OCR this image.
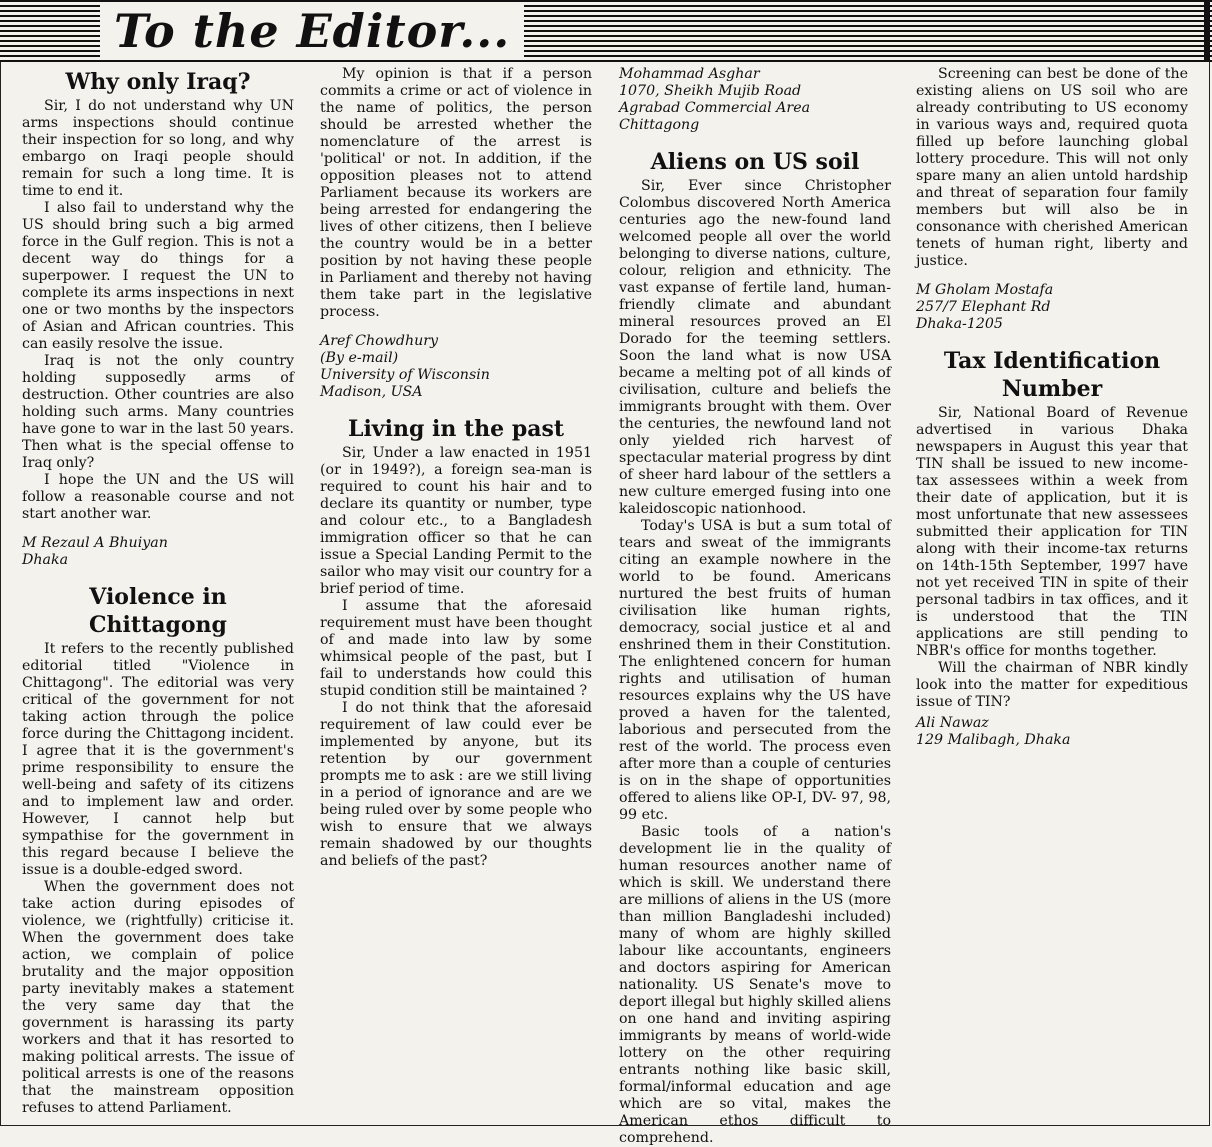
To the Editor...
Why only Iraq?

Sir, I do not understand why UN arms inspections should continue their inspection for so long, and why embargo on Iraqi people should remain for such a long time. It is time to end it.

I also fail to understand why the US should bring such a big armed force in the Gulf region. This is not a decent way do things for a superpower. I request the UN to complete its arms inspections in next one or two months by the inspectors of Asian and African countries. This can easily resolve the issue.

Iraq is not the only country holding supposedly arms of destruction. Other countries are also holding such arms. Many countries have gone to war in the last 50 years. Then what is the special offense to Iraq only?

I hope the UN and the US will follow a reasonable course and not start another war.

M Rezaul A Bhuiyan
Dhaka
Violence in Chittagong

It refers to the recently published editorial titled "Violence in Chittagong". The editorial was very critical of the government for not taking action through the police force during the Chittagong incident. I agree that it is the government's prime responsibility to ensure the well-being and safety of its citizens and to implement law and order. However, I cannot help but sympathise for the government in this regard because I believe the issue is a double-edged sword.

When the government does not take action during episodes of violence, we (rightfully) criticise it. When the government does take action, we complain of police brutality and the major opposition party inevitably makes a statement the very same day that the government is harassing its party workers and that it has resorted to making political arrests. The issue of political arrests is one of the reasons that the mainstream opposition refuses to attend Parliament.

My opinion is that if a person commits a crime or act of violence in the name of politics, the person should be arrested whether the nomenclature of the arrest is 'political' or not. In addition, if the opposition pleases not to attend Parliament because its workers are being arrested for endangering the lives of other citizens, then I believe the country would be in a better position by not having these people in Parliament and thereby not having them take part in the legislative process.

Aref Chowdhury
(By e-mail)
University of Wisconsin
Madison, USA
Living in the past

Sir, Under a law enacted in 1951 (or in 1949?), a foreign sea-man is required to count his hair and to declare its quantity or number, type and colour etc., to a Bangladesh immigration officer so that he can issue a Special Landing Permit to the sailor who may visit our country for a brief period of time.

I assume that the aforesaid requirement must have been thought of and made into law by some whimsical people of the past, but I fail to understands how could this stupid condition still be maintained ?

I do not think that the aforesaid requirement of law could ever be implemented by anyone, but its retention by our government prompts me to ask : are we still living in a period of ignorance and are we being ruled over by some people who wish to ensure that we always remain shadowed by our thoughts and beliefs of the past?

Mohammad Asghar
1070, Sheikh Mujib Road
Agrabad Commercial Area
Chittagong
Aliens on US soil

Sir, Ever since Christopher Colombus discovered North America centuries ago the new-found land welcomed people all over the world belonging to diverse nations, culture, colour, religion and ethnicity. The vast expanse of fertile land, human-friendly climate and abundant mineral resources proved an El Dorado for the teeming settlers. Soon the land what is now USA became a melting pot of all kinds of civilisation, culture and beliefs the immigrants brought with them. Over the centuries, the newfound land not only yielded rich harvest of spectacular material progress by dint of sheer hard labour of the settlers a new culture emerged fusing into one kaleidoscopic nationhood.

Today's USA is but a sum total of tears and sweat of the immigrants citing an example nowhere in the world to be found. Americans nurtured the best fruits of human civilisation like human rights, democracy, social justice et al and enshrined them in their Constitution. The enlightened concern for human rights and utilisation of human resources explains why the US have proved a haven for the talented, laborious and persecuted from the rest of the world. The process even after more than a couple of centuries is on in the shape of opportunities offered to aliens like OP-I, DV- 97, 98, 99 etc.

Basic tools of a nation's development lie in the quality of human resources another name of which is skill. We understand there are millions of aliens in the US (more than million Bangladeshi included) many of whom are highly skilled labour like accountants, engineers and doctors aspiring for American nationality. US Senate's move to deport illegal but highly skilled aliens on one hand and inviting aspiring immigrants by means of world-wide lottery on the other requiring entrants nothing like basic skill, formal/informal education and age which are so vital, makes the American ethos difficult to comprehend.

Screening can best be done of the existing aliens on US soil who are already contributing to US economy in various ways and, required quota filled up before launching global lottery procedure. This will not only spare many an alien untold hardship and threat of separation four family members but will also be in consonance with cherished American tenets of human right, liberty and justice.

M Gholam Mostafa
257/7 Elephant Rd
Dhaka-1205
Tax Identification Number

Sir, National Board of Revenue advertised in various Dhaka newspapers in August this year that TIN shall be issued to new income-tax assessees within a week from their date of application, but it is most unfortunate that new assessees submitted their application for TIN along with their income-tax returns on 14th-15th September, 1997 have not yet received TIN in spite of their personal tadbirs in tax offices, and it is understood that the TIN applications are still pending to NBR's office for months together.

Will the chairman of NBR kindly look into the matter for expeditious issue of TIN?

Ali Nawaz
129 Malibagh, Dhaka
